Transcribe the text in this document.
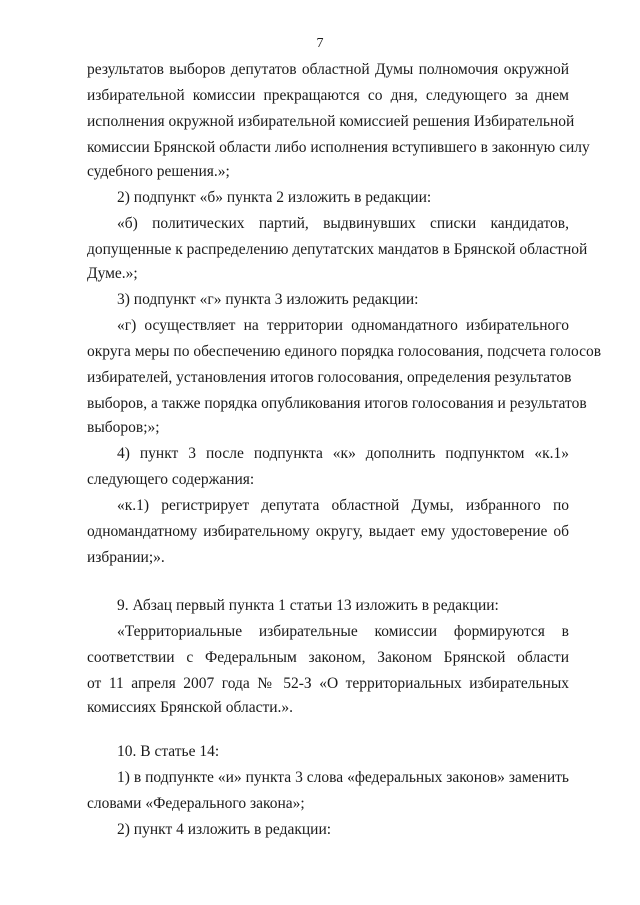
7
результатов выборов депутатов областной Думы полномочия окружной
избирательной комиссии прекращаются со дня, следующего за днем
исполнения окружной избирательной комиссией решения Избирательной
комиссии Брянской области либо исполнения вступившего в законную силу
судебного решения.»;
2) подпункт «б» пункта 2 изложить в редакции:
«б) политических партий, выдвинувших списки кандидатов,
допущенные к распределению депутатских мандатов в Брянской областной
Думе.»;
3) подпункт «г» пункта 3 изложить редакции:
«г) осуществляет на территории одномандатного избирательного
округа меры по обеспечению единого порядка голосования, подсчета голосов
избирателей, установления итогов голосования, определения результатов
выборов, а также порядка опубликования итогов голосования и результатов
выборов;»;
4) пункт 3 после подпункта «к» дополнить подпунктом «к.1»
следующего содержания:
«к.1) регистрирует депутата областной Думы, избранного по
одномандатному избирательному округу, выдает ему удостоверение об
избрании;».
9. Абзац первый пункта 1 статьи 13 изложить в редакции:
«Территориальные избирательные комиссии формируются в
соответствии с Федеральным законом, Законом Брянской области
от 11 апреля 2007 года № 52-З «О территориальных избирательных
комиссиях Брянской области.».
10. В статье 14:
1) в подпункте «и» пункта 3 слова «федеральных законов» заменить
словами «Федерального закона»;
2) пункт 4 изложить в редакции:
